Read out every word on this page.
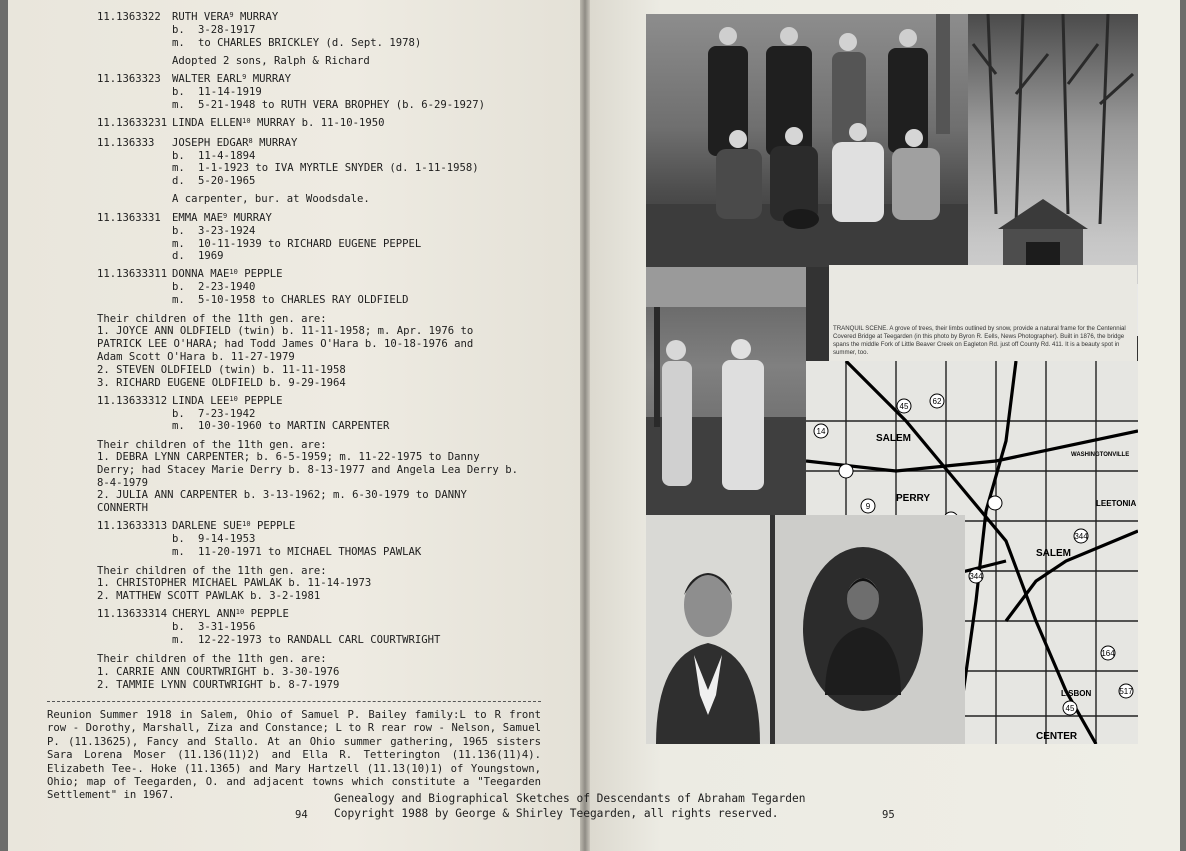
11.1363322 RUTH VERA$^9$ MURRAY
b. 3-28-1917
m. to CHARLES BRICKLEY (d. Sept. 1978)
Adopted 2 sons, Ralph & Richard
11.1363323 WALTER EARL$^9$ MURRAY
b. 11-14-1919
m. 5-21-1948 to RUTH VERA BROPHEY (b. 6-29-1927)
11.13633231 LINDA ELLEN$^{10}$ MURRAY b. 11-10-1950
11.136333 JOSEPH EDGAR$^8$ MURRAY
b. 11-4-1894
m. 1-1-1923 to IVA MYRTLE SNYDER (d. 1-11-1958)
d. 5-20-1965
A carpenter, bur. at Woodsdale.
11.1363331 EMMA MAE$^9$ MURRAY
b. 3-23-1924
m. 10-11-1939 to RICHARD EUGENE PEPPEL
d. 1969
11.13633311 DONNA MAE$^{10}$ PEPPLE
b. 2-23-1940
m. 5-10-1958 to CHARLES RAY OLDFIELD
Their children of the 11th gen. are:
1. JOYCE ANN OLDFIELD (twin) b. 11-11-1958; m. Apr. 1976 to
PATRICK LEE O'HARA; had Todd James O'Hara b. 10-18-1976 and
Adam Scott O'Hara b. 11-27-1979
2. STEVEN OLDFIELD (twin) b. 11-11-1958
3. RICHARD EUGENE OLDFIELD b. 9-29-1964
11.13633312 LINDA LEE$^{10}$ PEPPLE
b. 7-23-1942
m. 10-30-1960 to MARTIN CARPENTER
Their children of the 11th gen. are:
1. DEBRA LYNN CARPENTER; b. 6-5-1959; m. 11-22-1975 to Danny
Derry; had Stacey Marie Derry b. 8-13-1977 and Angela Lea Derry b.
8-4-1979
2. JULIA ANN CARPENTER b. 3-13-1962; m. 6-30-1979 to DANNY
CONNERTH
11.13633313 DARLENE SUE$^{10}$ PEPPLE
b. 9-14-1953
m. 11-20-1971 to MICHAEL THOMAS PAWLAK
Their children of the 11th gen. are:
1. CHRISTOPHER MICHAEL PAWLAK b. 11-14-1973
2. MATTHEW SCOTT PAWLAK b. 3-2-1981
11.13633314 CHERYL ANN$^{10}$ PEPPLE
b. 3-31-1956
m. 12-22-1973 to RANDALL CARL COURTWRIGHT
Their children of the 11th gen. are:
1. CARRIE ANN COURTWRIGHT b. 3-30-1976
2. TAMMIE LYNN COURTWRIGHT b. 8-7-1979
Reunion Summer 1918 in Salem, Ohio of Samuel P. Bailey family:L to R front row - Dorothy, Marshall, Ziza and Constance; L to R rear row - Nelson, Samuel P. (11.13625), Fancy and Stallo. At an Ohio summer gathering, 1965 sisters Sara Lorena Moser (11.136(11)2) and Ella R. Tetterington (11.136(11)4). Elizabeth Tee-. Hoke (11.1365) and Mary Hartzell (11.13(10)1) of Youngstown, Ohio; map of Teegarden, O. and adjacent towns which constitute a "Teegarden Settlement" in 1967.	Genealogy and Biographical Sketches of Descendants of Abraham Tegarden
Copyright 1988 by George & Shirley Teegarden, all rights reserved.
94	95

TRANQUIL SCENE. A grove of trees, their limbs outlined by snow, provide a natural frame for the Centennial Covered Bridge at Teegarden (in this photo by Byron R. Eells, News Photographer). Built in 1876, the bridge spans the middle Fork of Little Beaver Creek on Eagleton Rd. just off County Rd. 411. It is a beauty spot in summer, too.

45
62
14
9
344
344
517
164
45
SALEM
PERRY
SALEM
CENTER
LISBON
LEETONIA
WASHINGTONVILLE
